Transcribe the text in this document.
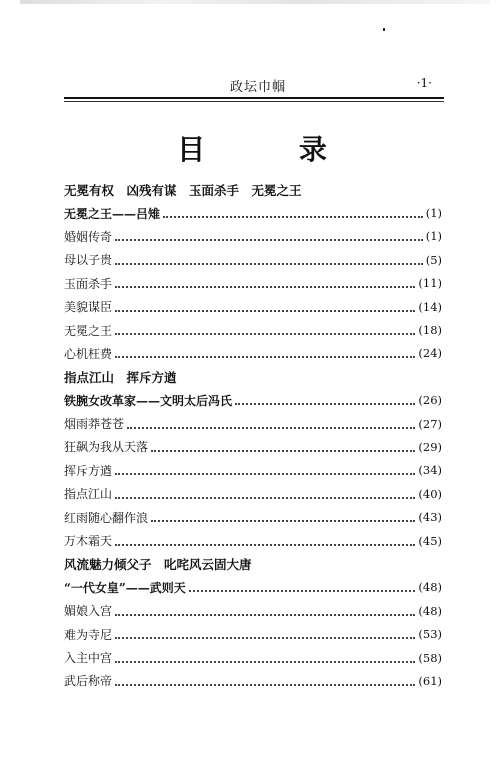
政坛巾帼	·1·
目 录
无冕有权　凶残有谋　玉面杀手　无冕之王
无冕之王——吕雉	(1)
婚姻传奇	(1)
母以子贵	(5)
玉面杀手	(11)
美貌谋臣	(14)
无冕之王	(18)
心机枉费	(24)
指点江山　挥斥方遒
铁腕女改革家——文明太后冯氏	(26)
烟雨莽苍苍	(27)
狂飙为我从天落	(29)
挥斥方遒	(34)
指点江山	(40)
红雨随心翻作浪	(43)
万木霜天	(45)
风流魅力倾父子　叱咤风云固大唐
“一代女皇”——武则天	(48)
媚娘入宫	(48)
难为寺尼	(53)
入主中宫	(58)
武后称帝	(61)
